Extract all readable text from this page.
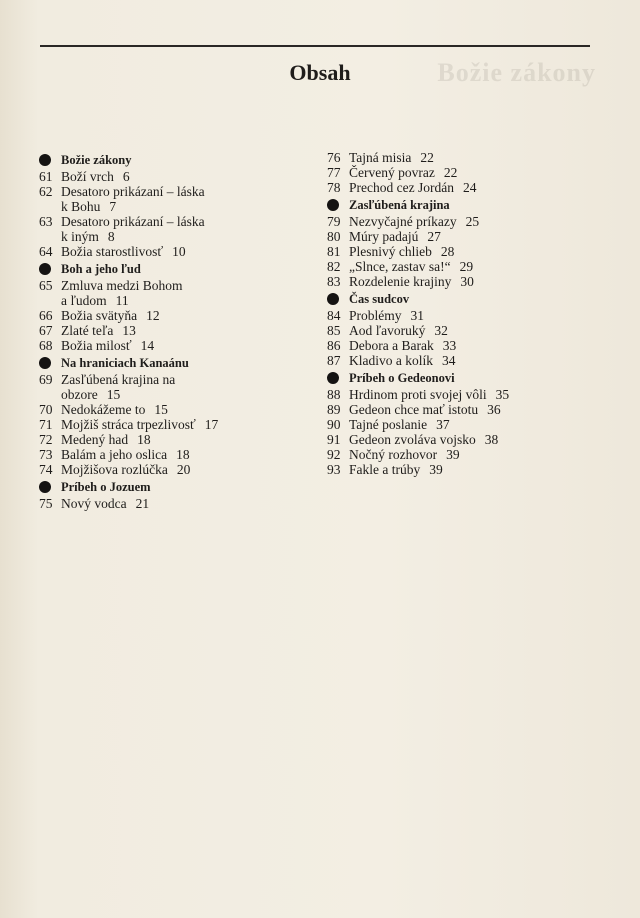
Božie zákony
Obsah
Božie zákony
61 Boží vrch 6
62 Desatoro prikázaní – láska
k Bohu 7
63 Desatoro prikázaní – láska
k iným 8
64 Božia starostlivosť 10
Boh a jeho ľud
65 Zmluva medzi Bohom
a ľudom 11
66 Božia svätyňa 12
67 Zlaté teľa 13
68 Božia milosť 14
Na hraniciach Kanaánu
69 Zasľúbená krajina na
obzore 15
70 Nedokážeme to 15
71 Mojžiš stráca trpezlivosť 17
72 Medený had 18
73 Balám a jeho oslica 18
74 Mojžišova rozlúčka 20
Príbeh o Jozuem
75 Nový vodca 21
76 Tajná misia 22
77 Červený povraz 22
78 Prechod cez Jordán 24
Zasľúbená krajina
79 Nezvyčajné príkazy 25
80 Múry padajú 27
81 Plesnivý chlieb 28
82 „Slnce, zastav sa!“ 29
83 Rozdelenie krajiny 30
Čas sudcov
84 Problémy 31
85 Aod ľavoruký 32
86 Debora a Barak 33
87 Kladivo a kolík 34
Príbeh o Gedeonovi
88 Hrdinom proti svojej vôli 35
89 Gedeon chce mať istotu 36
90 Tajné poslanie 37
91 Gedeon zvoláva vojsko 38
92 Nočný rozhovor 39
93 Fakle a trúby 39
